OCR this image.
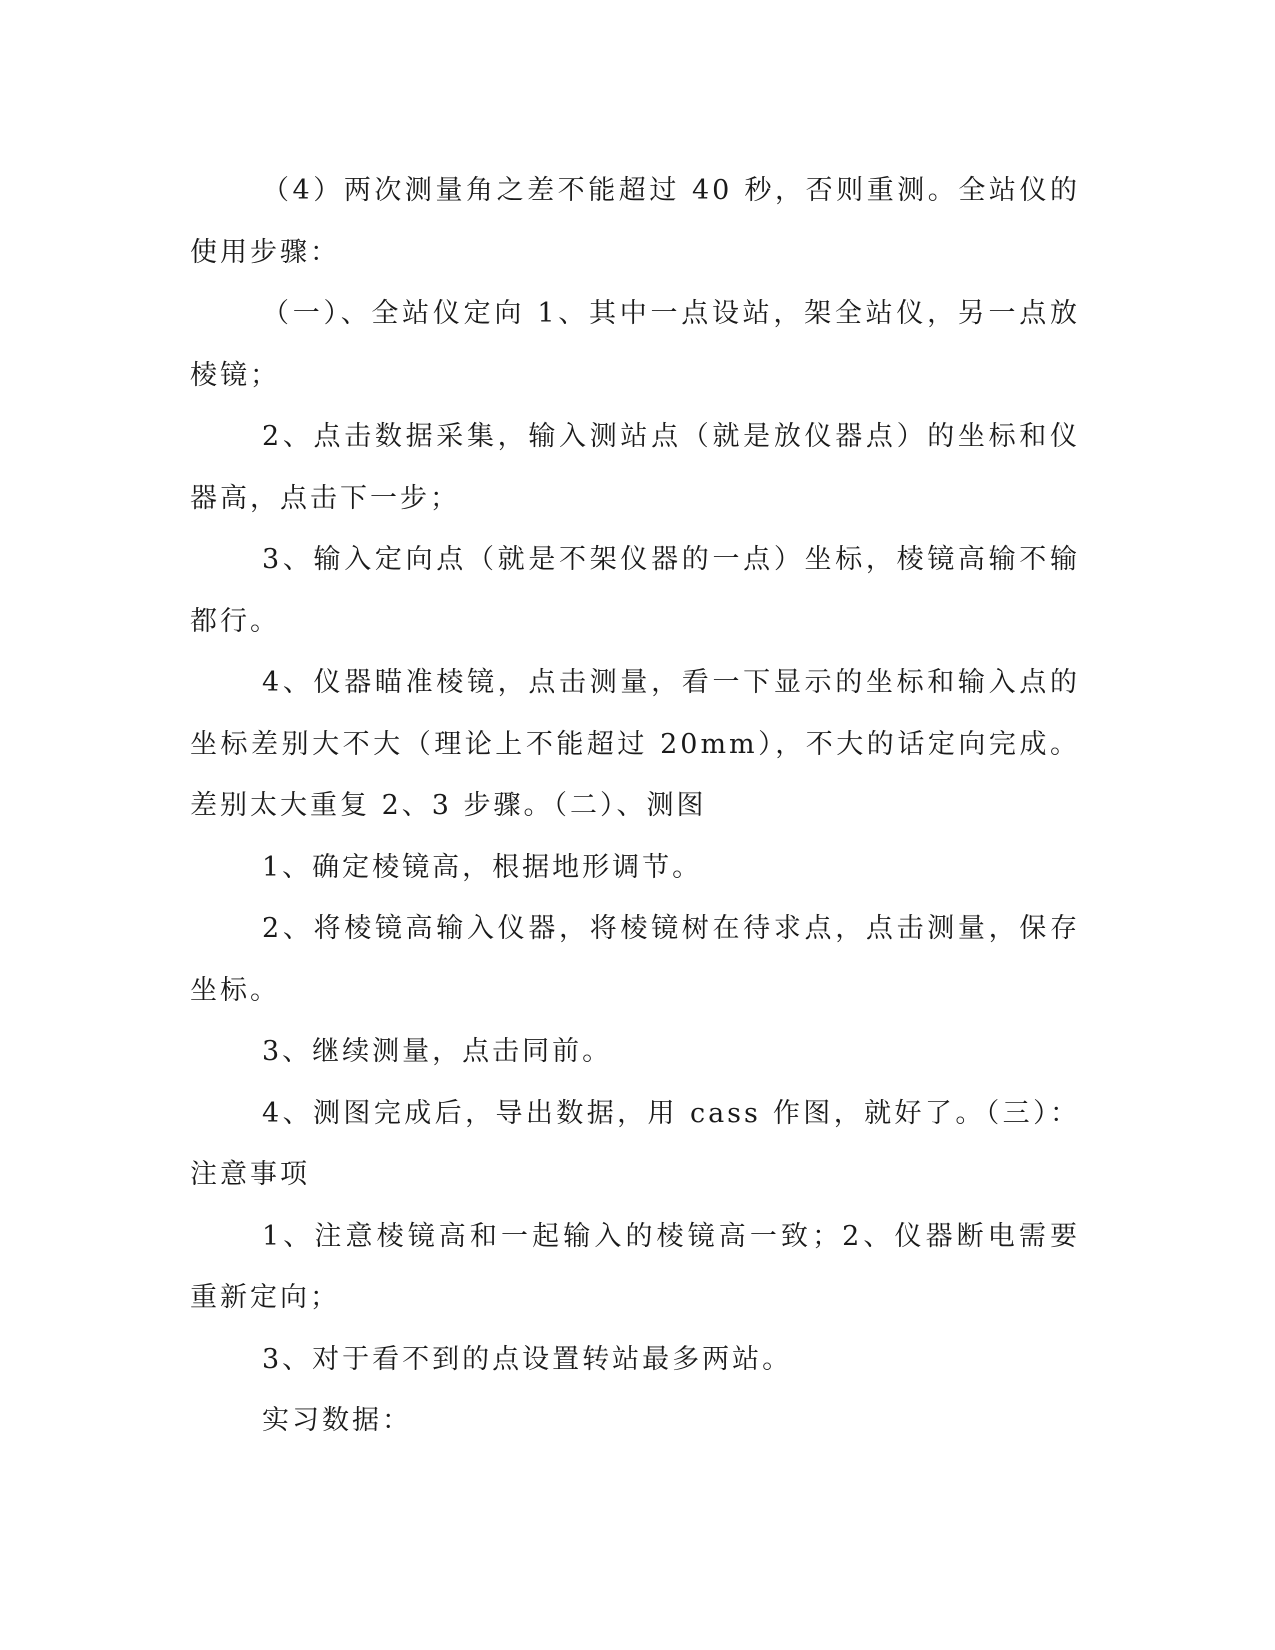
（4）两次测量角之差不能超过 40 秒，否则重测。全站仪的使用步骤：

（一）、全站仪定向 1、其中一点设站，架全站仪，另一点放棱镜；

2、点击数据采集，输入测站点（就是放仪器点）的坐标和仪器高，点击下一步；

3、输入定向点（就是不架仪器的一点）坐标，棱镜高输不输都行。

4、仪器瞄准棱镜，点击测量，看一下显示的坐标和输入点的坐标差别大不大（理论上不能超过 20mm），不大的话定向完成。差别太大重复 2、3 步骤。（二）、测图

1、确定棱镜高，根据地形调节。

2、将棱镜高输入仪器，将棱镜树在待求点，点击测量，保存坐标。

3、继续测量，点击同前。

4、测图完成后，导出数据，用 cass 作图，就好了。（三）：注意事项

1、注意棱镜高和一起输入的棱镜高一致；2、仪器断电需要重新定向；

3、对于看不到的点设置转站最多两站。

实习数据：
